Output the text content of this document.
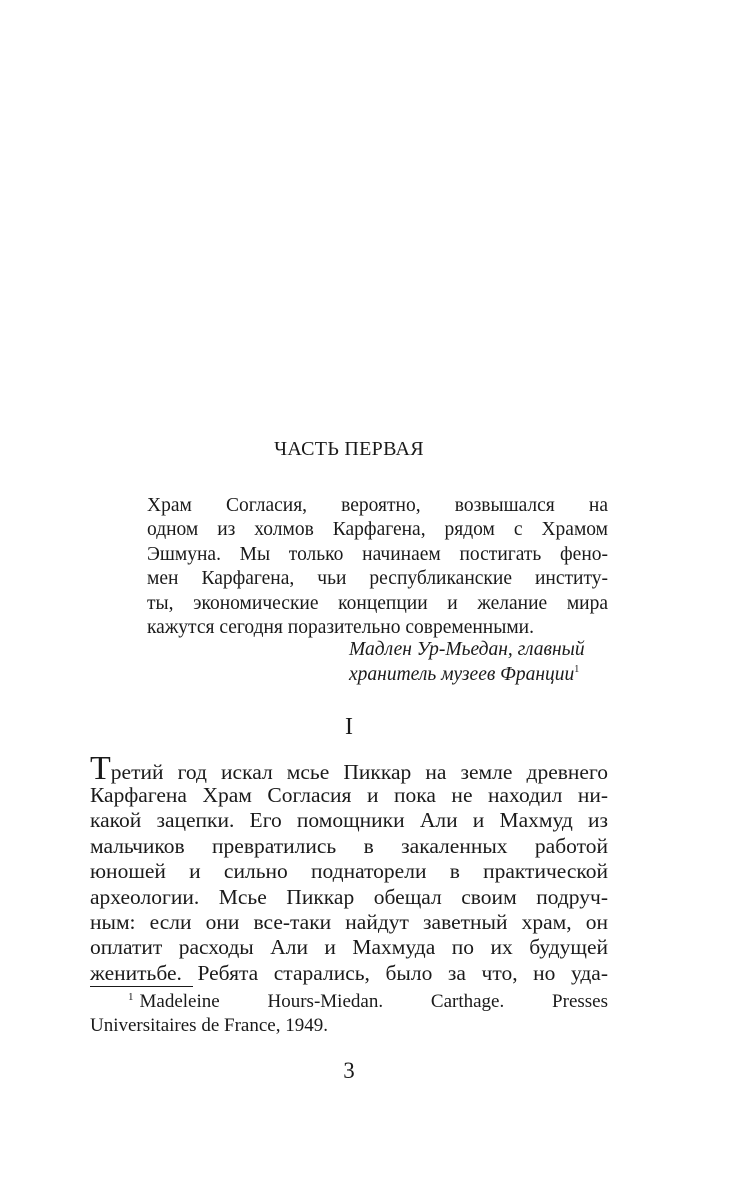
ЧАСТЬ ПЕРВАЯ
Храм Согласия, вероятно, возвышался на
одном из холмов Карфагена, рядом с Храмом
Эшмуна. Мы только начинаем постигать фено-
мен Карфагена, чьи республиканские институ-
ты, экономические концепции и желание мира
кажутся сегодня поразительно современными.
Мадлен Ур-Мьедан, главный
хранитель музеев Франции$^1$
I
Третий год искал мсье Пиккар на земле древнего
Карфагена Храм Согласия и пока не находил ни-
какой зацепки. Его помощники Али и Махмуд из
мальчиков превратились в закаленных работой
юношей и сильно поднаторели в практической
археологии. Мсье Пиккар обещал своим подруч-
ным: если они все-таки найдут заветный храм, он
оплатит расходы Али и Махмуда по их будущей
женитьбе. Ребята старались, было за что, но уда-
$^1$ Madeleine Hours-Miedan. Carthage. Presses
Universitaires de France, 1949.
3
